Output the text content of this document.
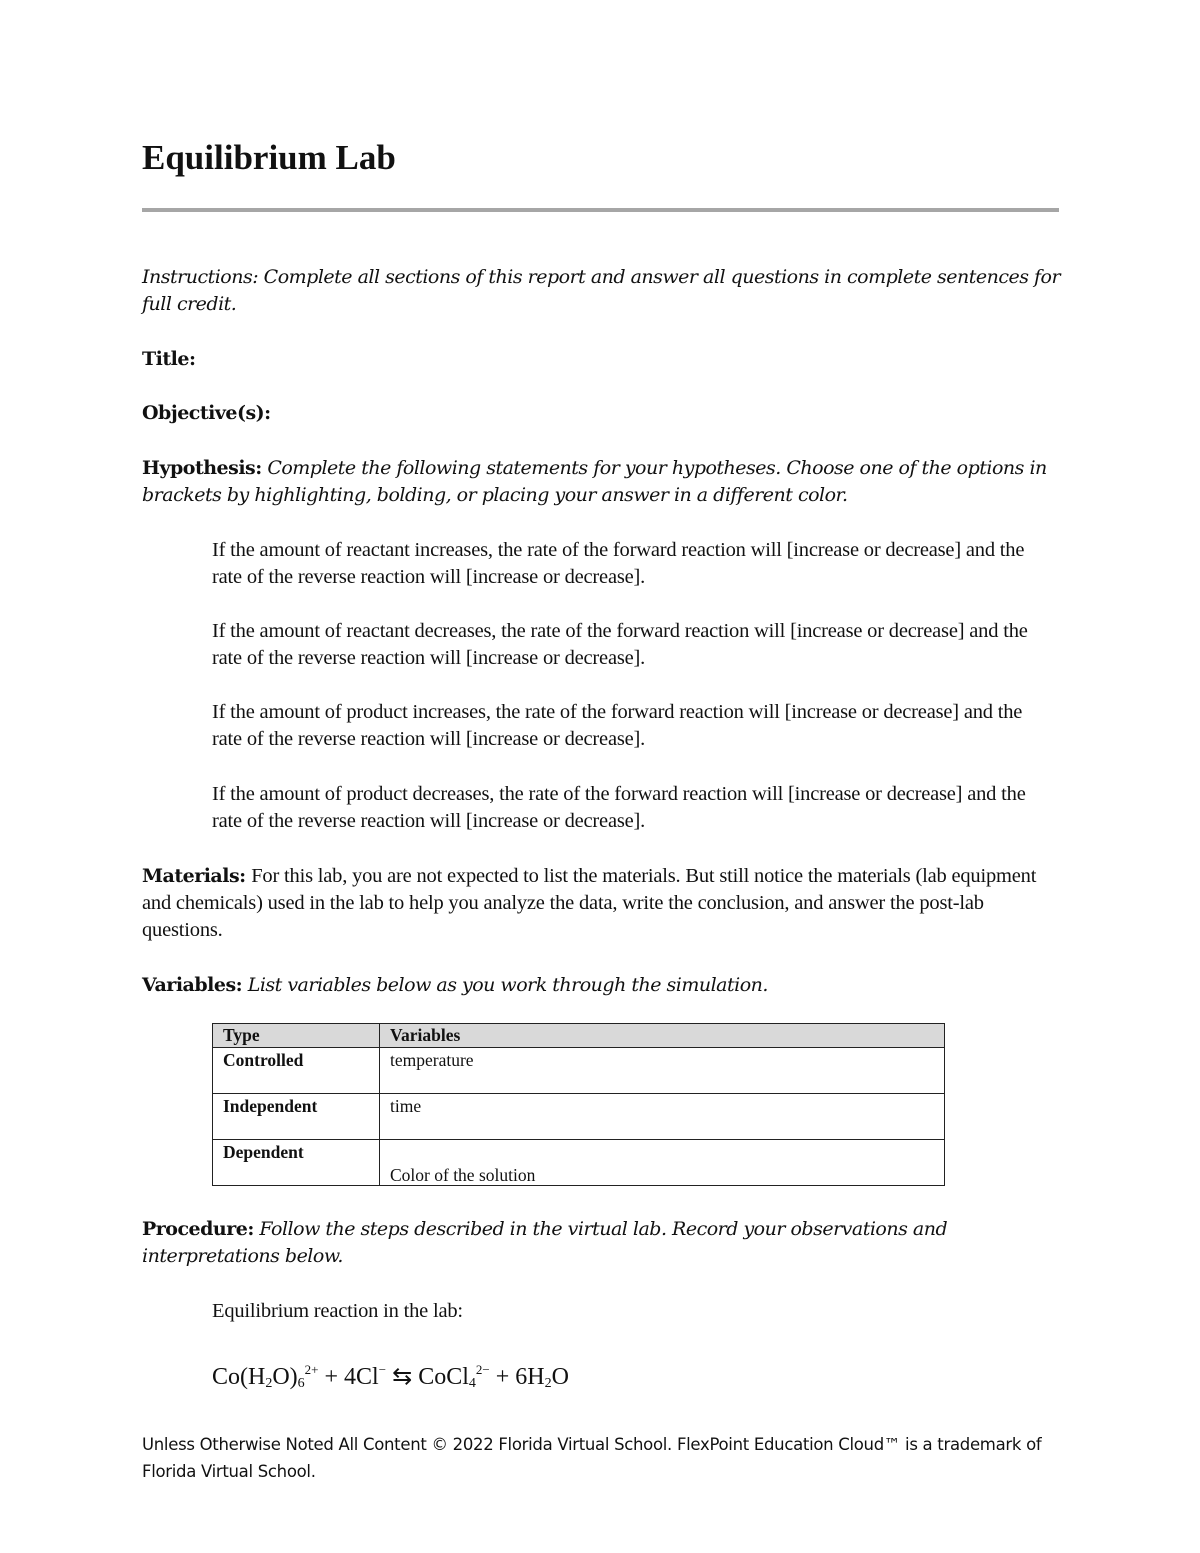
Equilibrium Lab
Instructions: Complete all sections of this report and answer all questions in complete sentences for full credit.
Title:
Objective(s):
Hypothesis: Complete the following statements for your hypotheses. Choose one of the options in brackets by highlighting, bolding, or placing your answer in a different color.
If the amount of reactant increases, the rate of the forward reaction will [increase or decrease] and the rate of the reverse reaction will [increase or decrease].
If the amount of reactant decreases, the rate of the forward reaction will [increase or decrease] and the rate of the reverse reaction will [increase or decrease].
If the amount of product increases, the rate of the forward reaction will [increase or decrease] and the rate of the reverse reaction will [increase or decrease].
If the amount of product decreases, the rate of the forward reaction will [increase or decrease] and the rate of the reverse reaction will [increase or decrease].
Materials: For this lab, you are not expected to list the materials. But still notice the materials (lab equipment and chemicals) used in the lab to help you analyze the data, write the conclusion, and answer the post-lab questions.
Variables: List variables below as you work through the simulation.
Type	Variables
Controlled	temperature
Independent	time
Dependent	Color of the solution
Procedure: Follow the steps described in the virtual lab. Record your observations and interpretations below.
Equilibrium reaction in the lab:
$Co(H_2O)_6^{2+} + 4Cl^-$ ⇆ CoCl$_4^{2-}$ + $6H_2O$
Unless Otherwise Noted All Content © 2022 Florida Virtual School. FlexPoint Education Cloud™ is a trademark of Florida Virtual School.
